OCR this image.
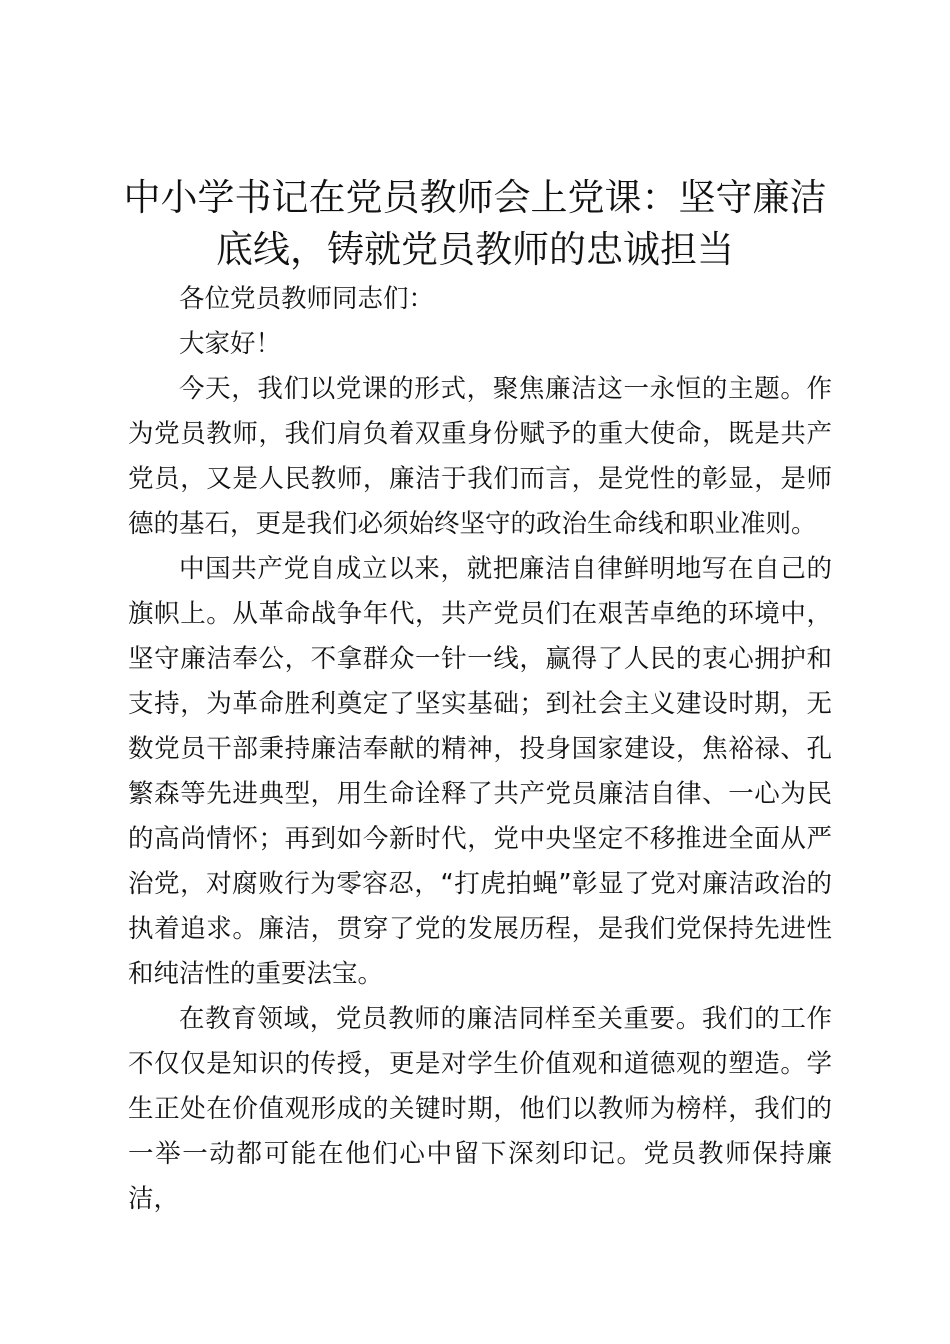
中小学书记在党员教师会上党课：坚守廉洁底线，铸就党员教师的忠诚担当

各位党员教师同志们：

大家好！

今天，我们以党课的形式，聚焦廉洁这一永恒的主题。作为党员教师，我们肩负着双重身份赋予的重大使命，既是共产党员，又是人民教师，廉洁于我们而言，是党性的彰显，是师德的基石，更是我们必须始终坚守的政治生命线和职业准则。

中国共产党自成立以来，就把廉洁自律鲜明地写在自己的旗帜上。从革命战争年代，共产党员们在艰苦卓绝的环境中，坚守廉洁奉公，不拿群众一针一线，赢得了人民的衷心拥护和支持，为革命胜利奠定了坚实基础；到社会主义建设时期，无数党员干部秉持廉洁奉献的精神，投身国家建设，焦裕禄、孔繁森等先进典型，用生命诠释了共产党员廉洁自律、一心为民的高尚情怀；再到如今新时代，党中央坚定不移推进全面从严治党，对腐败行为零容忍，“打虎拍蝇”彰显了党对廉洁政治的执着追求。廉洁，贯穿了党的发展历程，是我们党保持先进性和纯洁性的重要法宝。

在教育领域，党员教师的廉洁同样至关重要。我们的工作不仅仅是知识的传授，更是对学生价值观和道德观的塑造。学生正处在价值观形成的关键时期，他们以教师为榜样，我们的一举一动都可能在他们心中留下深刻印记。党员教师保持廉洁，
